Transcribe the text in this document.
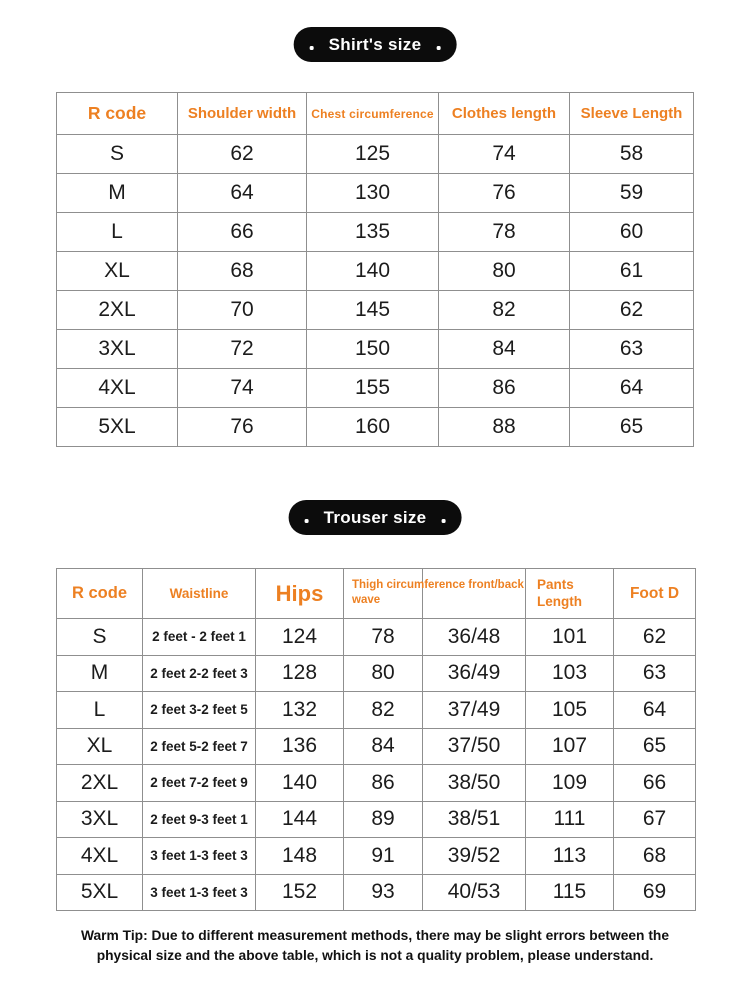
Shirt's size
R code	Shoulder width	Chest circumference	Clothes length	Sleeve Length
S	62	125	74	58
M	64	130	76	59
L	66	135	78	60
XL	68	140	80	61
2XL	70	145	82	62
3XL	72	150	84	63
4XL	74	155	86	64
5XL	76	160	88	65
Trouser size
R code	Waistline	Hips	Thigh circumference front/back wave		Pants Length	Foot D
S	2 feet - 2 feet 1	124	78	36/48	101	62
M	2 feet 2-2 feet 3	128	80	36/49	103	63
L	2 feet 3-2 feet 5	132	82	37/49	105	64
XL	2 feet 5-2 feet 7	136	84	37/50	107	65
2XL	2 feet 7-2 feet 9	140	86	38/50	109	66
3XL	2 feet 9-3 feet 1	144	89	38/51	111	67
4XL	3 feet 1-3 feet 3	148	91	39/52	113	68
5XL	3 feet 1-3 feet 3	152	93	40/53	115	69
Warm Tip: Due to different measurement methods, there may be slight errors between the
physical size and the above table, which is not a quality problem, please understand.
